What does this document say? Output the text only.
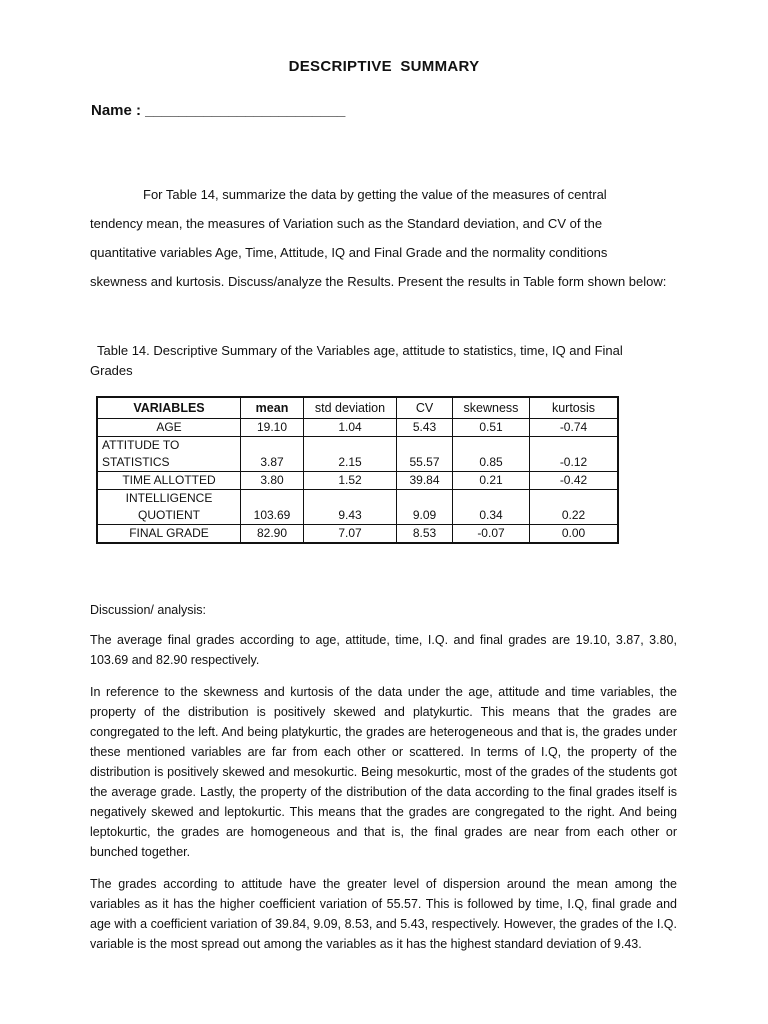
DESCRIPTIVE SUMMARY
Name : ________________________

For Table 14, summarize the data by getting the value of the measures of central

tendency mean, the measures of Variation such as the Standard deviation, and CV of the

quantitative variables Age, Time, Attitude, IQ and Final Grade and the normality conditions

skewness and kurtosis. Discuss/analyze the Results. Present the results in Table form shown below:

Table 14. Descriptive Summary of the Variables age, attitude to statistics, time, IQ and Final
Grades
VARIABLES	mean	std deviation	CV	skewness	kurtosis
AGE	19.10	1.04	5.43	0.51	-0.74

ATTITUDE TO
STATISTICS	3.87	2.15	55.57	0.85	-0.12
TIME ALLOTTED	3.80	1.52	39.84	0.21	-0.42

INTELLIGENCE
QUOTIENT	103.69	9.43	9.09	0.34	0.22
FINAL GRADE	82.90	7.07	8.53	-0.07	0.00
Discussion/ analysis:

The average final grades according to age, attitude, time, I.Q. and final grades are 19.10, 3.87, 3.80, 103.69 and 82.90 respectively.

In reference to the skewness and kurtosis of the data under the age, attitude and time variables, the property of the distribution is positively skewed and platykurtic. This means that the grades are congregated to the left. And being platykurtic, the grades are heterogeneous and that is, the grades under these mentioned variables are far from each other or scattered. In terms of I.Q, the property of the distribution is positively skewed and mesokurtic. Being mesokurtic, most of the grades of the students got the average grade. Lastly, the property of the distribution of the data according to the final grades itself is negatively skewed and leptokurtic. This means that the grades are congregated to the right. And being leptokurtic, the grades are homogeneous and that is, the final grades are near from each other or bunched together.

The grades according to attitude have the greater level of dispersion around the mean among the variables as it has the higher coefficient variation of 55.57. This is followed by time, I.Q, final grade and age with a coefficient variation of 39.84, 9.09, 8.53, and 5.43, respectively. However, the grades of the I.Q. variable is the most spread out among the variables as it has the highest standard deviation of 9.43.
